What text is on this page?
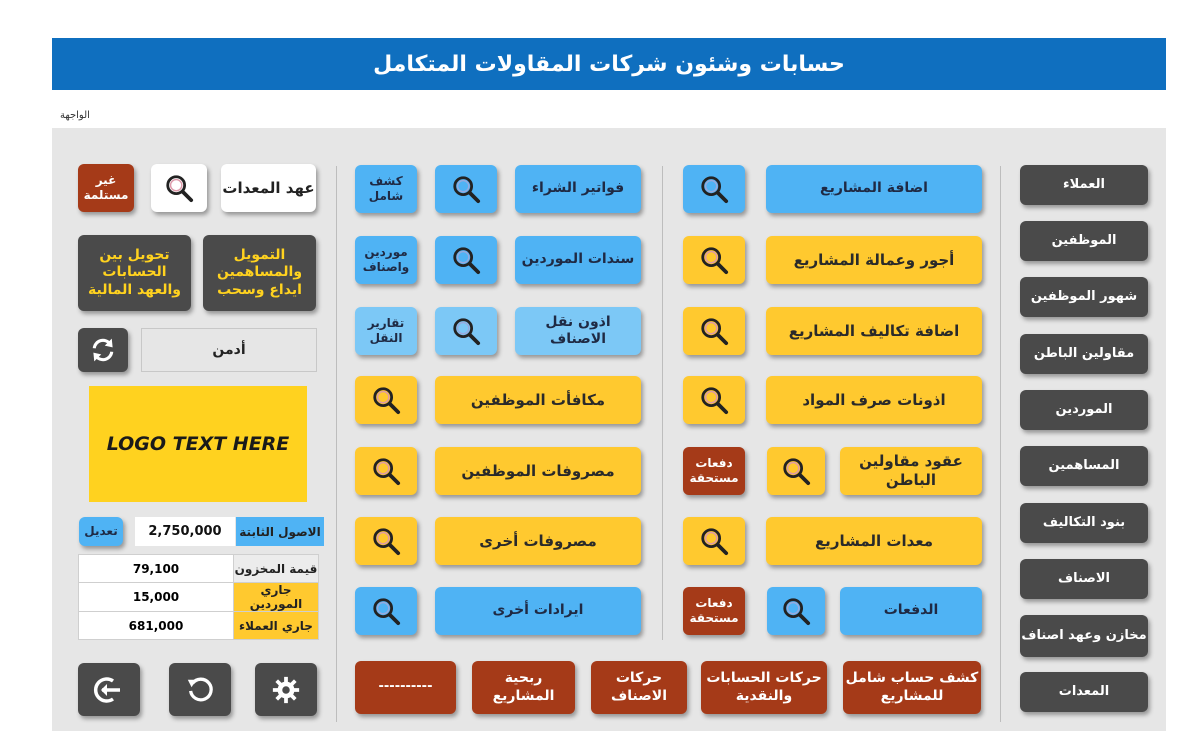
حسابات وشئون شركات المقاولات المتكامل
الواجهة
العملاء
الموظفين
شهور الموظفين
مقاولين الباطن
الموردين
المساهمين
بنود التكاليف
الاصناف
مخازن وعهد اصناف
المعدات
اضافة المشاريع
أجور وعمالة المشاريع
اضافة تكاليف المشاريع
اذونات صرف المواد
عقود مقاولين الباطن
دفعات مستحقة
معدات المشاريع
الدفعات
دفعات مستحقة
فواتير الشراء
كشف شامل
سندات الموردين
موردين واصناف
اذون نقل الاصناف
تقارير النقل
مكافأت الموظفين
مصروفات الموظفين
مصروفات أخرى
ايرادات أخرى
كشف حساب شامل للمشاريع
حركات الحسابات والنقدية
حركات الاصناف
ربحية المشاريع
----------
عهد المعدات
غير مستلمة
التمويل والمساهمين ايداع وسحب
تحويل بين الحسابات والعهد المالية
أدمن
LOGO TEXT HERE
الاصول الثابتة
2,750,000
تعديل
79,100	قيمة المخزون
15,000	جاري الموردين
681,000	جاري العملاء
